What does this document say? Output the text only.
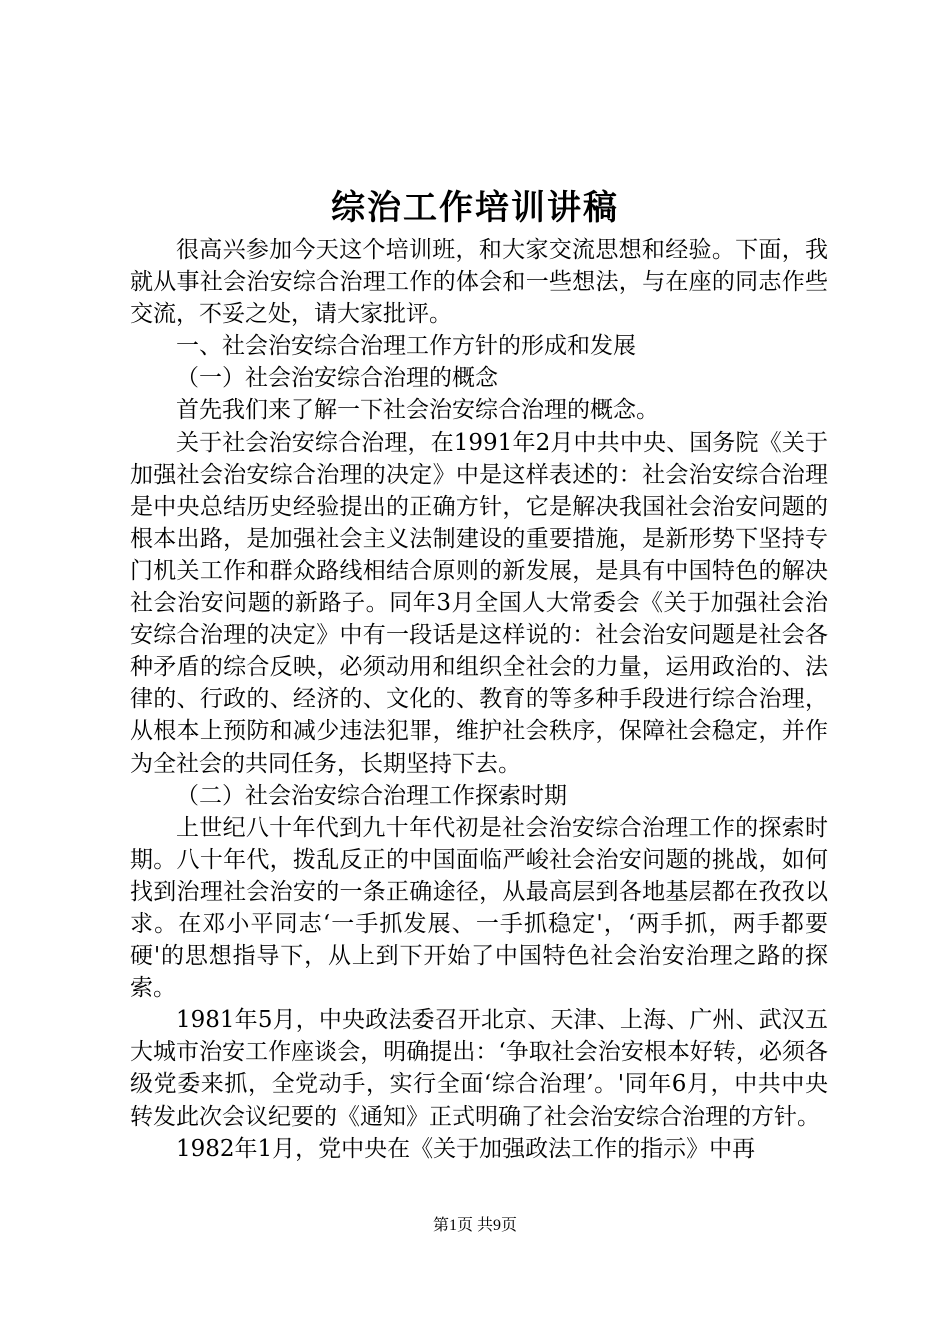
综治工作培训讲稿

很高兴参加今天这个培训班，和大家交流思想和经验。下面，我就从事社会治安综合治理工作的体会和一些想法，与在座的同志作些交流，不妥之处，请大家批评。

一、社会治安综合治理工作方针的形成和发展

（一）社会治安综合治理的概念

首先我们来了解一下社会治安综合治理的概念。

关于社会治安综合治理，在1991年2月中共中央、国务院《关于加强社会治安综合治理的决定》中是这样表述的：社会治安综合治理是中央总结历史经验提出的正确方针，它是解决我国社会治安问题的根本出路，是加强社会主义法制建设的重要措施，是新形势下坚持专门机关工作和群众路线相结合原则的新发展，是具有中国特色的解决社会治安问题的新路子。同年3月全国人大常委会《关于加强社会治安综合治理的决定》中有一段话是这样说的：社会治安问题是社会各种矛盾的综合反映，必须动用和组织全社会的力量，运用政治的、法律的、行政的、经济的、文化的、教育的等多种手段进行综合治理，从根本上预防和减少违法犯罪，维护社会秩序，保障社会稳定，并作为全社会的共同任务，长期坚持下去。

（二）社会治安综合治理工作探索时期

上世纪八十年代到九十年代初是社会治安综合治理工作的探索时期。八十年代，拨乱反正的中国面临严峻社会治安问题的挑战，如何找到治理社会治安的一条正确途径，从最高层到各地基层都在孜孜以求。在邓小平同志‘一手抓发展、一手抓稳定'，‘两手抓，两手都要硬'的思想指导下，从上到下开始了中国特色社会治安治理之路的探索。

1981年5月，中央政法委召开北京、天津、上海、广州、武汉五大城市治安工作座谈会，明确提出：‘争取社会治安根本好转，必须各级党委来抓，全党动手，实行全面‘综合治理’。'同年6月，中共中央转发此次会议纪要的《通知》正式明确了社会治安综合治理的方针。

1982年1月，党中央在《关于加强政法工作的指示》中再

第1页 共9页
